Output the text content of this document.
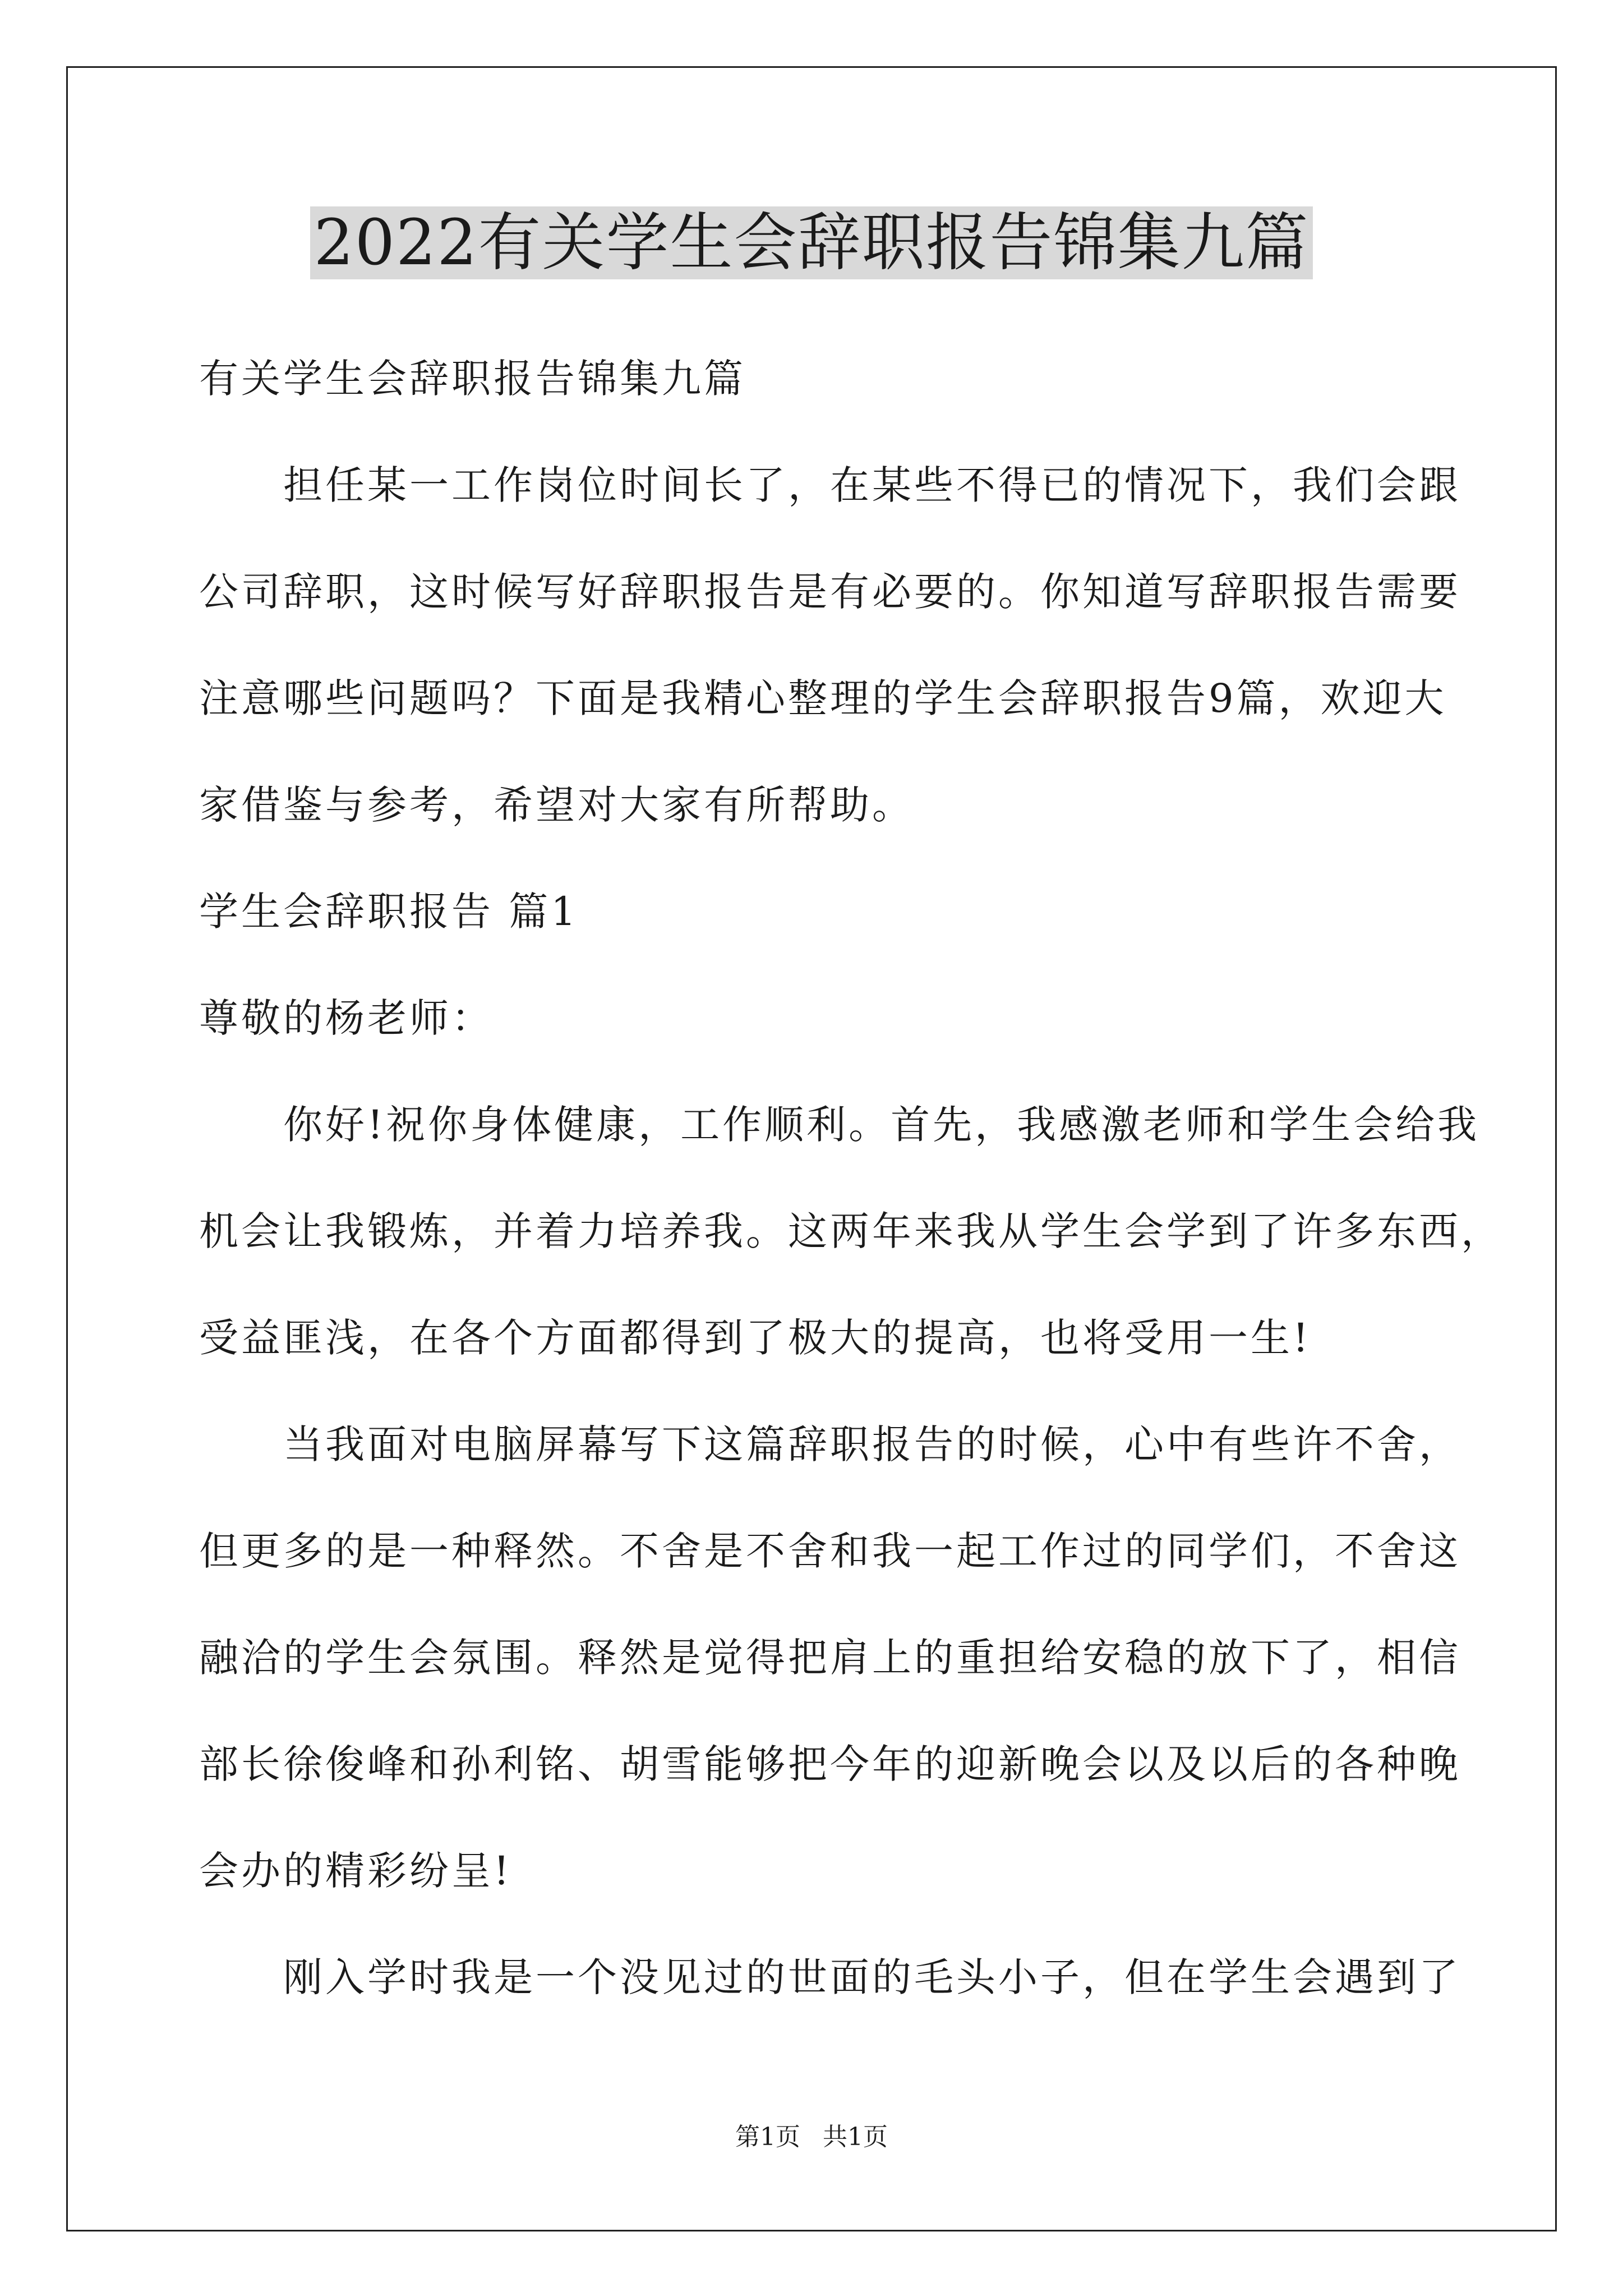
2022有关学生会辞职报告锦集九篇
有关学生会辞职报告锦集九篇
担任某一工作岗位时间长了，在某些不得已的情况下，我们会跟
公司辞职，这时候写好辞职报告是有必要的。你知道写辞职报告需要
注意哪些问题吗？下面是我精心整理的学生会辞职报告9篇，欢迎大
家借鉴与参考，希望对大家有所帮助。
学生会辞职报告 篇1
尊敬的杨老师：
你好!祝你身体健康，工作顺利。首先，我感激老师和学生会给我
机会让我锻炼，并着力培养我。这两年来我从学生会学到了许多东西，
受益匪浅，在各个方面都得到了极大的提高，也将受用一生!
当我面对电脑屏幕写下这篇辞职报告的时候，心中有些许不舍，
但更多的是一种释然。不舍是不舍和我一起工作过的同学们，不舍这
融洽的学生会氛围。释然是觉得把肩上的重担给安稳的放下了，相信
部长徐俊峰和孙利铭、胡雪能够把今年的迎新晚会以及以后的各种晚
会办的精彩纷呈!
刚入学时我是一个没见过的世面的毛头小子，但在学生会遇到了
第1页 共1页
